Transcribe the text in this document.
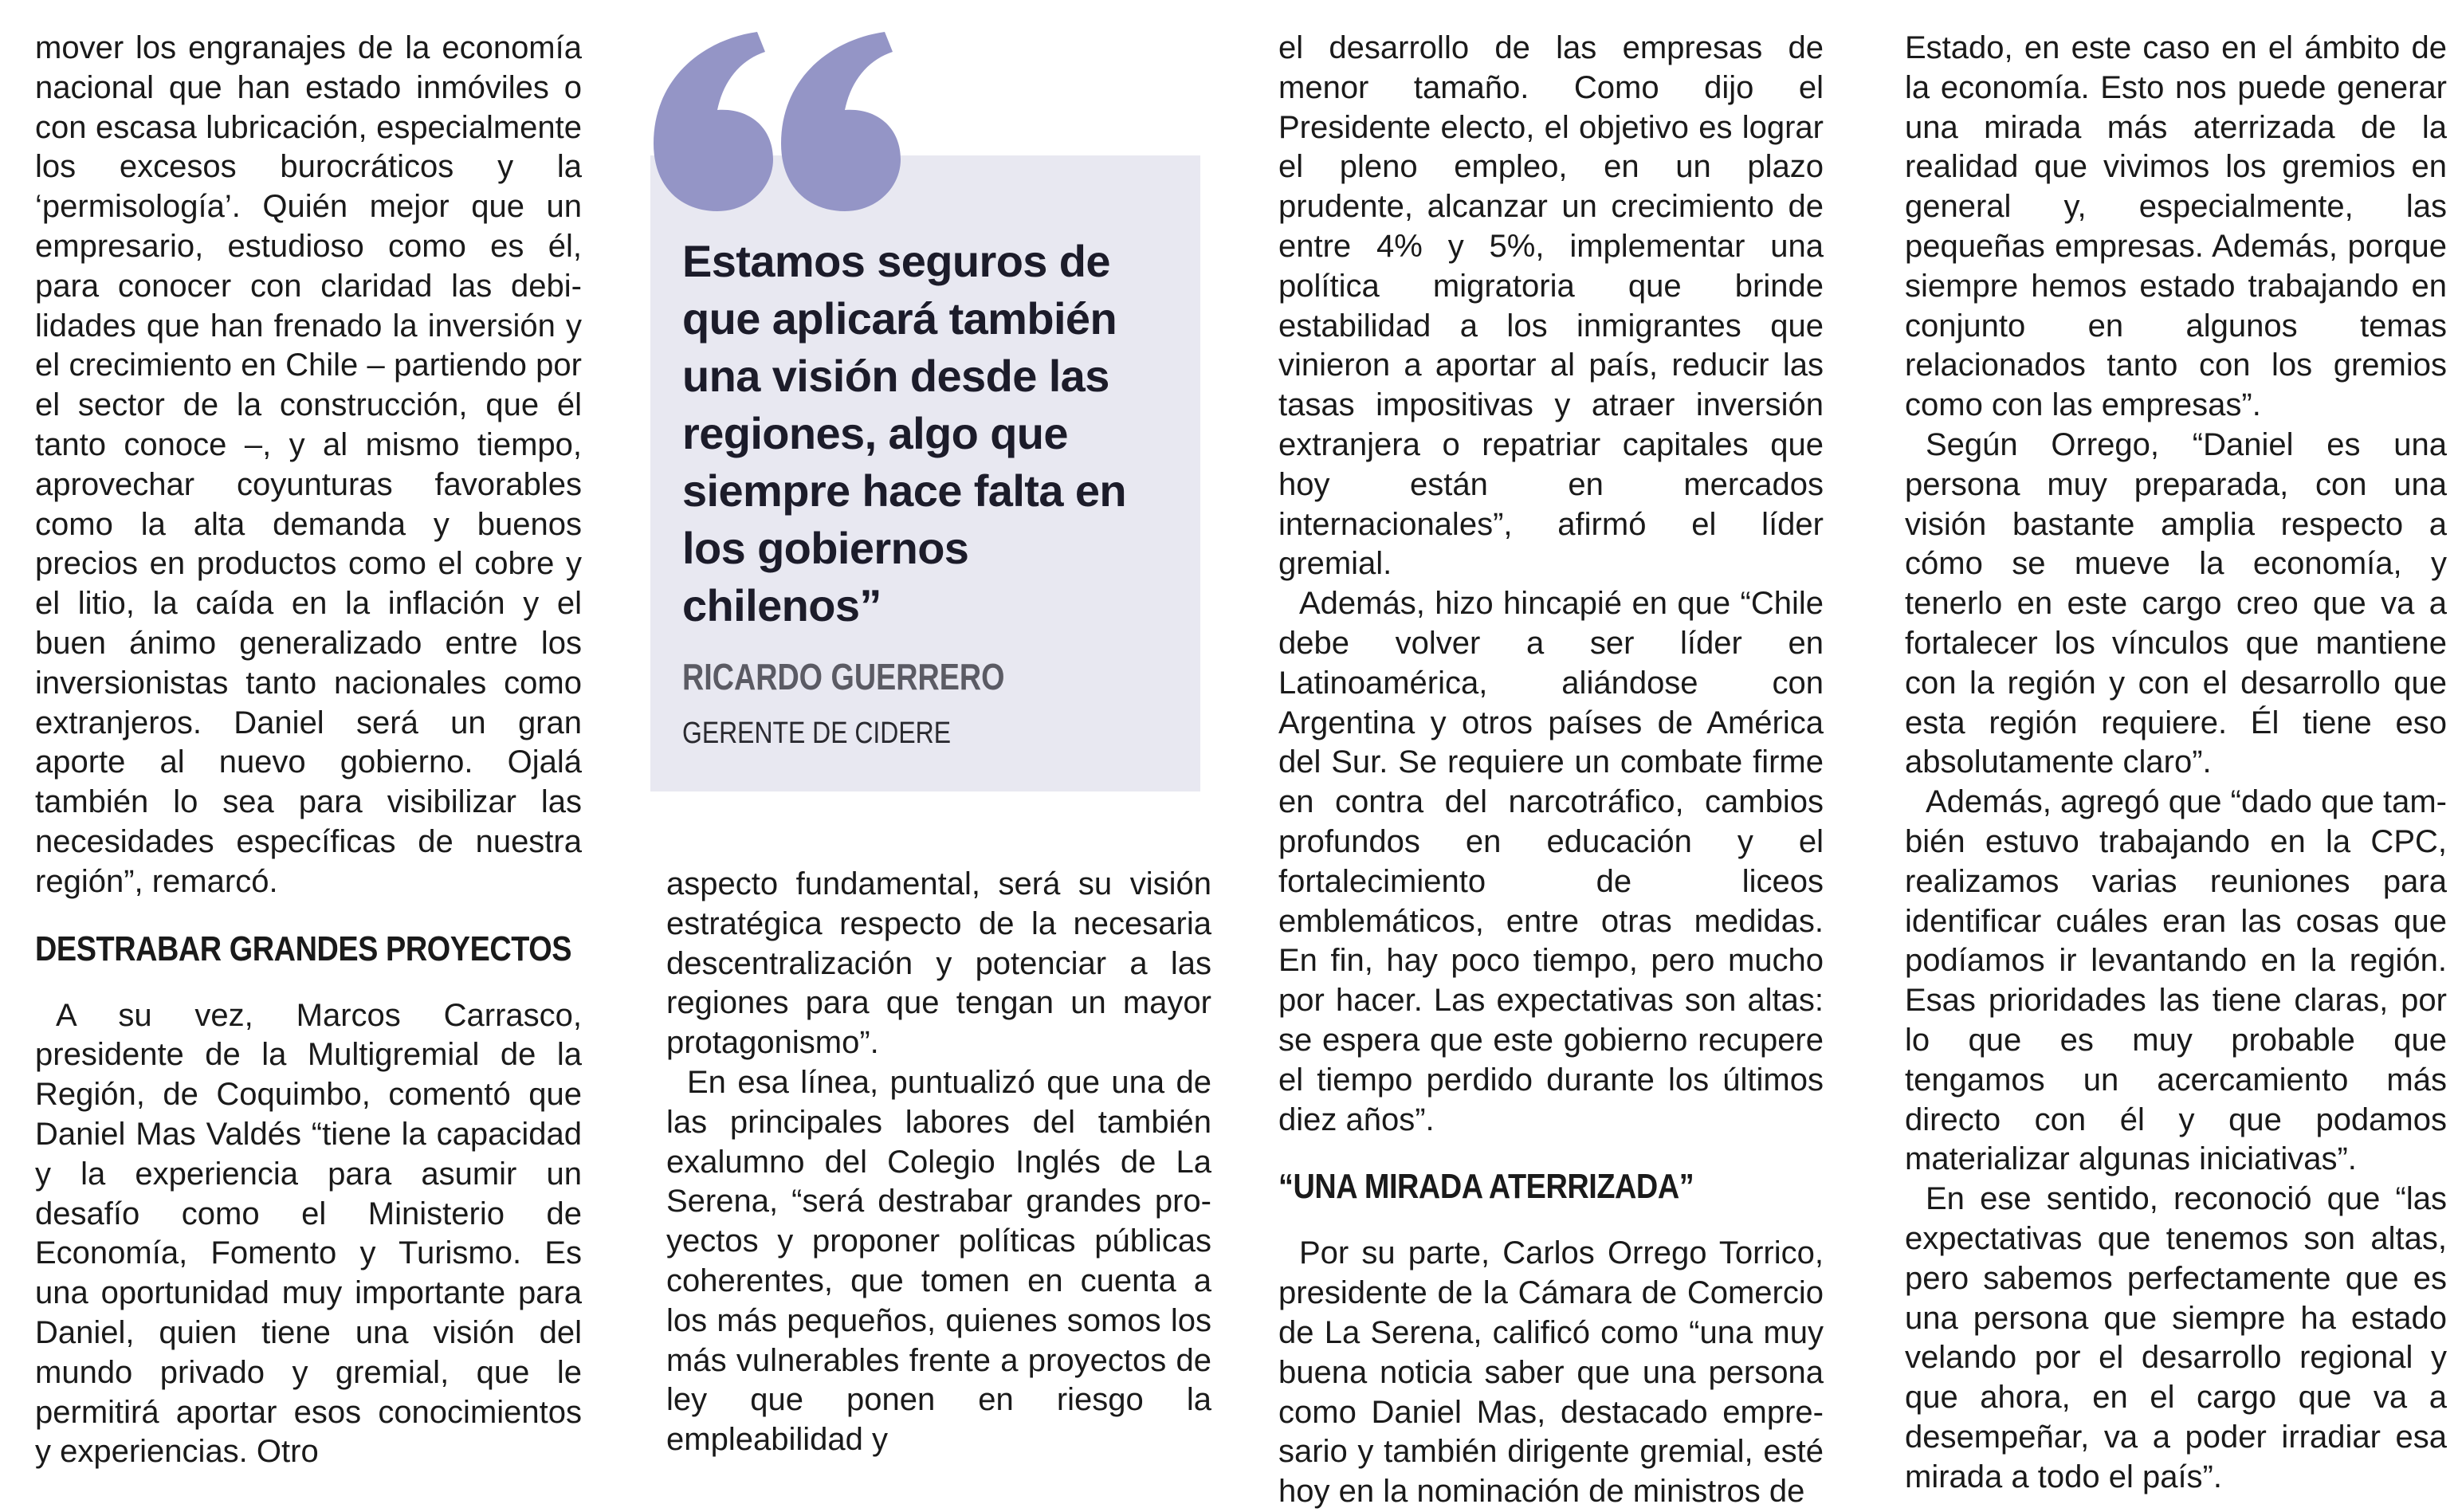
mover los engranajes de la economía nacional que han estado inmóviles o con escasa lubricación, especialmente los excesos burocráticos y la ‘permisología’. Quién mejor que un empresario, estudioso como es él, para conocer con claridad las debilidades que han frenado la inversión y el crecimiento en Chile – partiendo por el sector de la construcción, que él tanto conoce –, y al mismo tiempo, aprovechar coyunturas favorables como la alta demanda y buenos precios en productos como el cobre y el litio, la caída en la inflación y el buen ánimo generalizado entre los inversionistas tanto nacionales como extranjeros. Daniel será un gran aporte al nuevo gobierno. Ojalá también lo sea para visibilizar las necesidades específicas de nuestra región”, remarcó.

DESTRABAR GRANDES PROYECTOS

A su vez, Marcos Carrasco, presidente de la Multigremial de la Región, de Coquimbo, comentó que Daniel Mas Valdés “tiene la capacidad y la experiencia para asumir un desafío como el Ministerio de Economía, Fomento y Turismo. Es una oportunidad muy importante para Daniel, quien tiene una visión del mundo privado y gremial, que le permitirá aportar esos conocimientos y experiencias. Otro

Estamos seguros de que aplicará también una visión desde las regiones, algo que siempre hace falta en los gobiernos chilenos”

RICARDO GUERRERO
GERENTE DE CIDERE

aspecto fundamental, será su visión estratégica respecto de la necesaria descentralización y potenciar a las regiones para que tengan un mayor protagonismo”.

En esa línea, puntualizó que una de las principales labores del también exalumno del Colegio Inglés de La Serena, “será destrabar grandes proyectos y proponer políticas públicas coherentes, que tomen en cuenta a los más pequeños, quienes somos los más vulnerables frente a proyectos de ley que ponen en riesgo la empleabilidad y

el desarrollo de las empresas de menor tamaño. Como dijo el Presidente electo, el objetivo es lograr el pleno empleo, en un plazo prudente, alcanzar un crecimiento de entre 4% y 5%, implementar una política migratoria que brinde estabilidad a los inmigrantes que vinieron a aportar al país, reducir las tasas impositivas y atraer inversión extranjera o repatriar capitales que hoy están en mercados internacionales”, afirmó el líder gremial.

Además, hizo hincapié en que “Chile debe volver a ser líder en Latinoamérica, aliándose con Argentina y otros países de América del Sur. Se requiere un combate firme en contra del narcotráfico, cambios profundos en educación y el fortalecimiento de liceos emblemáticos, entre otras medidas. En fin, hay poco tiempo, pero mucho por hacer. Las expectativas son altas: se espera que este gobierno recupere el tiempo perdido durante los últimos diez años”.

“UNA MIRADA ATERRIZADA”

Por su parte, Carlos Orrego Torrico, presidente de la Cámara de Comercio de La Serena, calificó como “una muy buena noticia saber que una persona como Daniel Mas, destacado empresario y también dirigente gremial, esté hoy en la nominación de ministros de

Estado, en este caso en el ámbito de la economía. Esto nos puede generar una mirada más aterrizada de la realidad que vivimos los gremios en general y, especialmente, las pequeñas empresas. Además, porque siempre hemos estado trabajando en conjunto en algunos temas relacionados tanto con los gremios como con las empresas”.

Según Orrego, “Daniel es una persona muy preparada, con una visión bastante amplia respecto a cómo se mueve la economía, y tenerlo en este cargo creo que va a fortalecer los vínculos que mantiene con la región y con el desarrollo que esta región requiere. Él tiene eso absolutamente claro”.

Además, agregó que “dado que también estuvo trabajando en la CPC, realizamos varias reuniones para identificar cuáles eran las cosas que podíamos ir levantando en la región. Esas prioridades las tiene claras, por lo que es muy probable que tengamos un acercamiento más directo con él y que podamos materializar algunas iniciativas”.

En ese sentido, reconoció que “las expectativas que tenemos son altas, pero sabemos perfectamente que es una persona que siempre ha estado velando por el desarrollo regional y que ahora, en el cargo que va a desempeñar, va a poder irradiar esa mirada a todo el país”.
